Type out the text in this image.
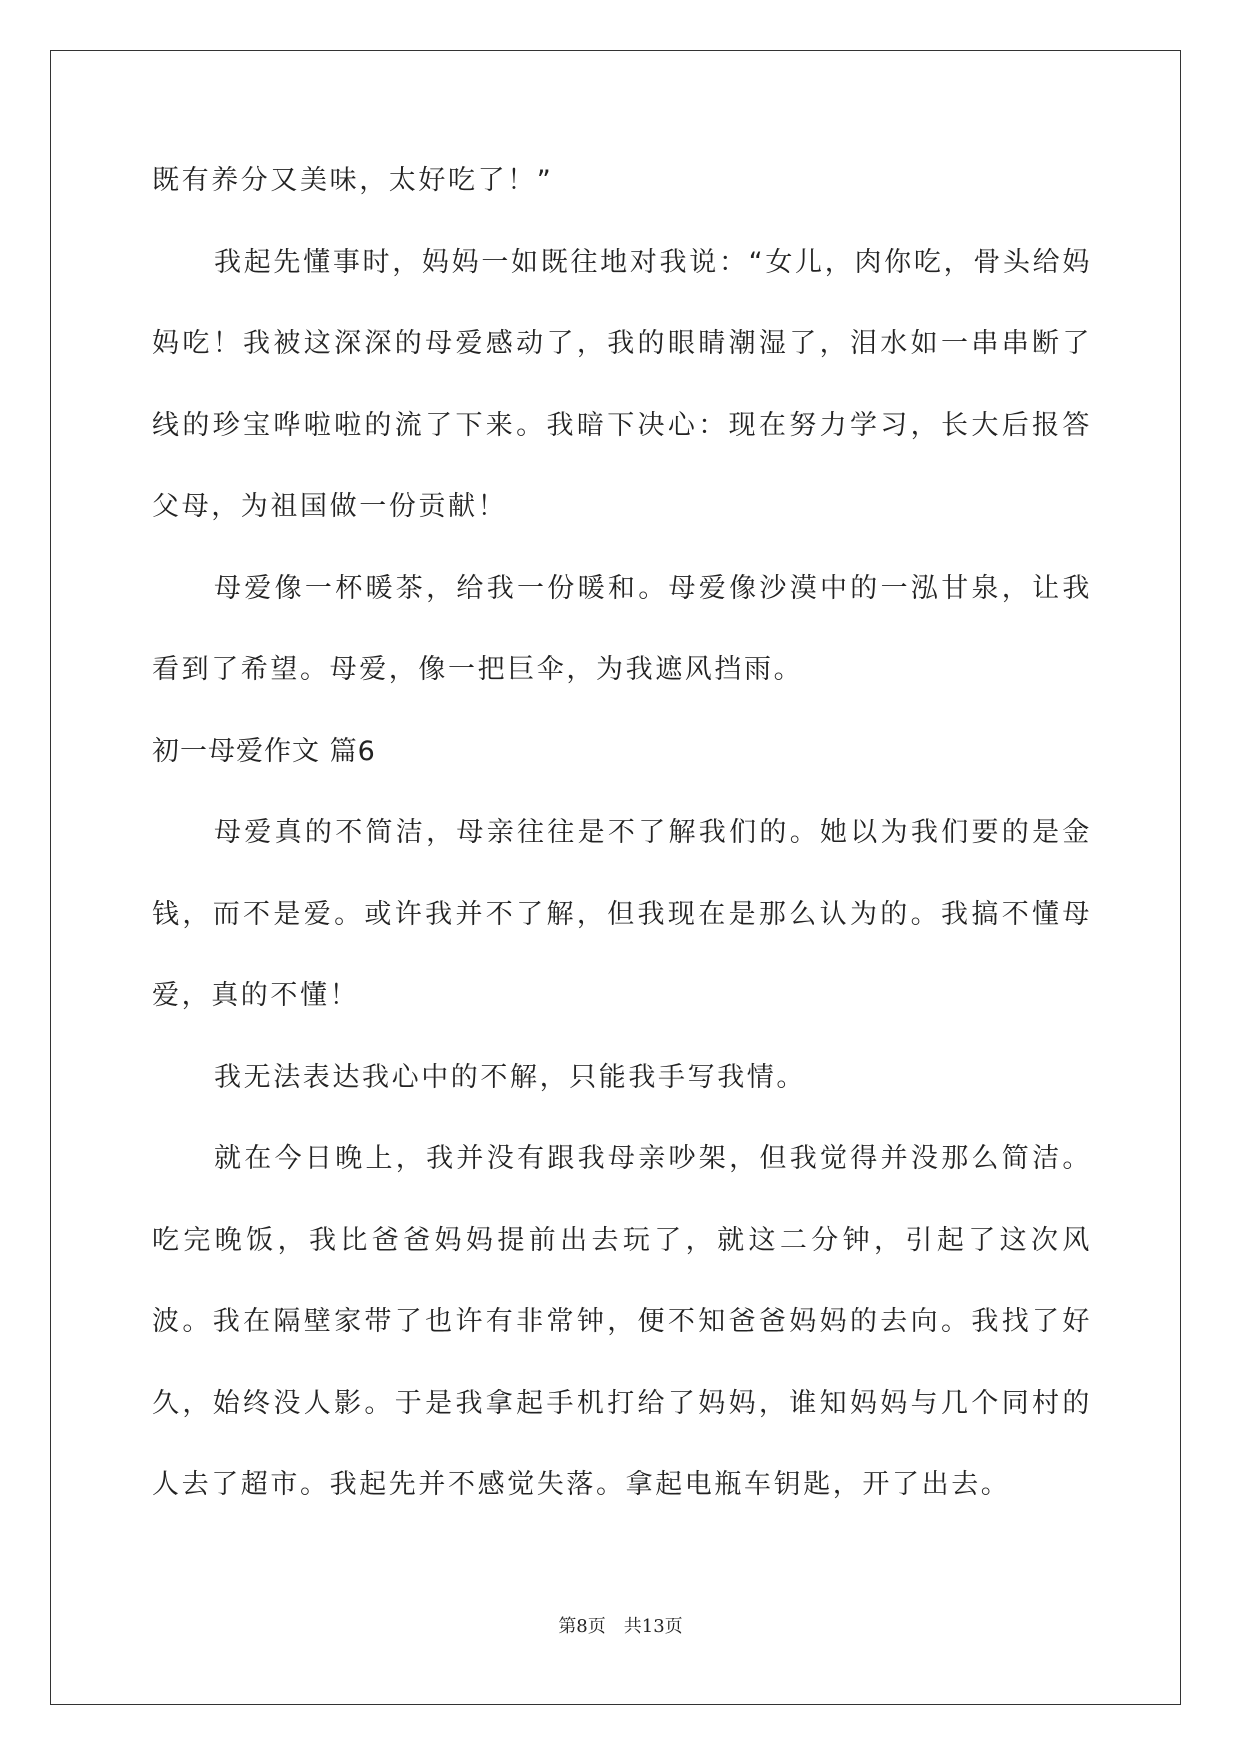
既有养分又美味，太好吃了！”

我起先懂事时，妈妈一如既往地对我说：“女儿，肉你吃，骨头给妈妈吃！我被这深深的母爱感动了，我的眼睛潮湿了，泪水如一串串断了线的珍宝哗啦啦的流了下来。我暗下决心：现在努力学习，长大后报答父母，为祖国做一份贡献！

母爱像一杯暖茶，给我一份暖和。母爱像沙漠中的一泓甘泉，让我看到了希望。母爱，像一把巨伞，为我遮风挡雨。

初一母爱作文 篇6

母爱真的不简洁，母亲往往是不了解我们的。她以为我们要的是金钱，而不是爱。或许我并不了解，但我现在是那么认为的。我搞不懂母爱，真的不懂！

我无法表达我心中的不解，只能我手写我情。

就在今日晚上，我并没有跟我母亲吵架，但我觉得并没那么简洁。吃完晚饭，我比爸爸妈妈提前出去玩了，就这二分钟，引起了这次风波。我在隔壁家带了也许有非常钟，便不知爸爸妈妈的去向。我找了好久，始终没人影。于是我拿起手机打给了妈妈，谁知妈妈与几个同村的人去了超市。我起先并不感觉失落。拿起电瓶车钥匙，开了出去。

第8页　共13页
